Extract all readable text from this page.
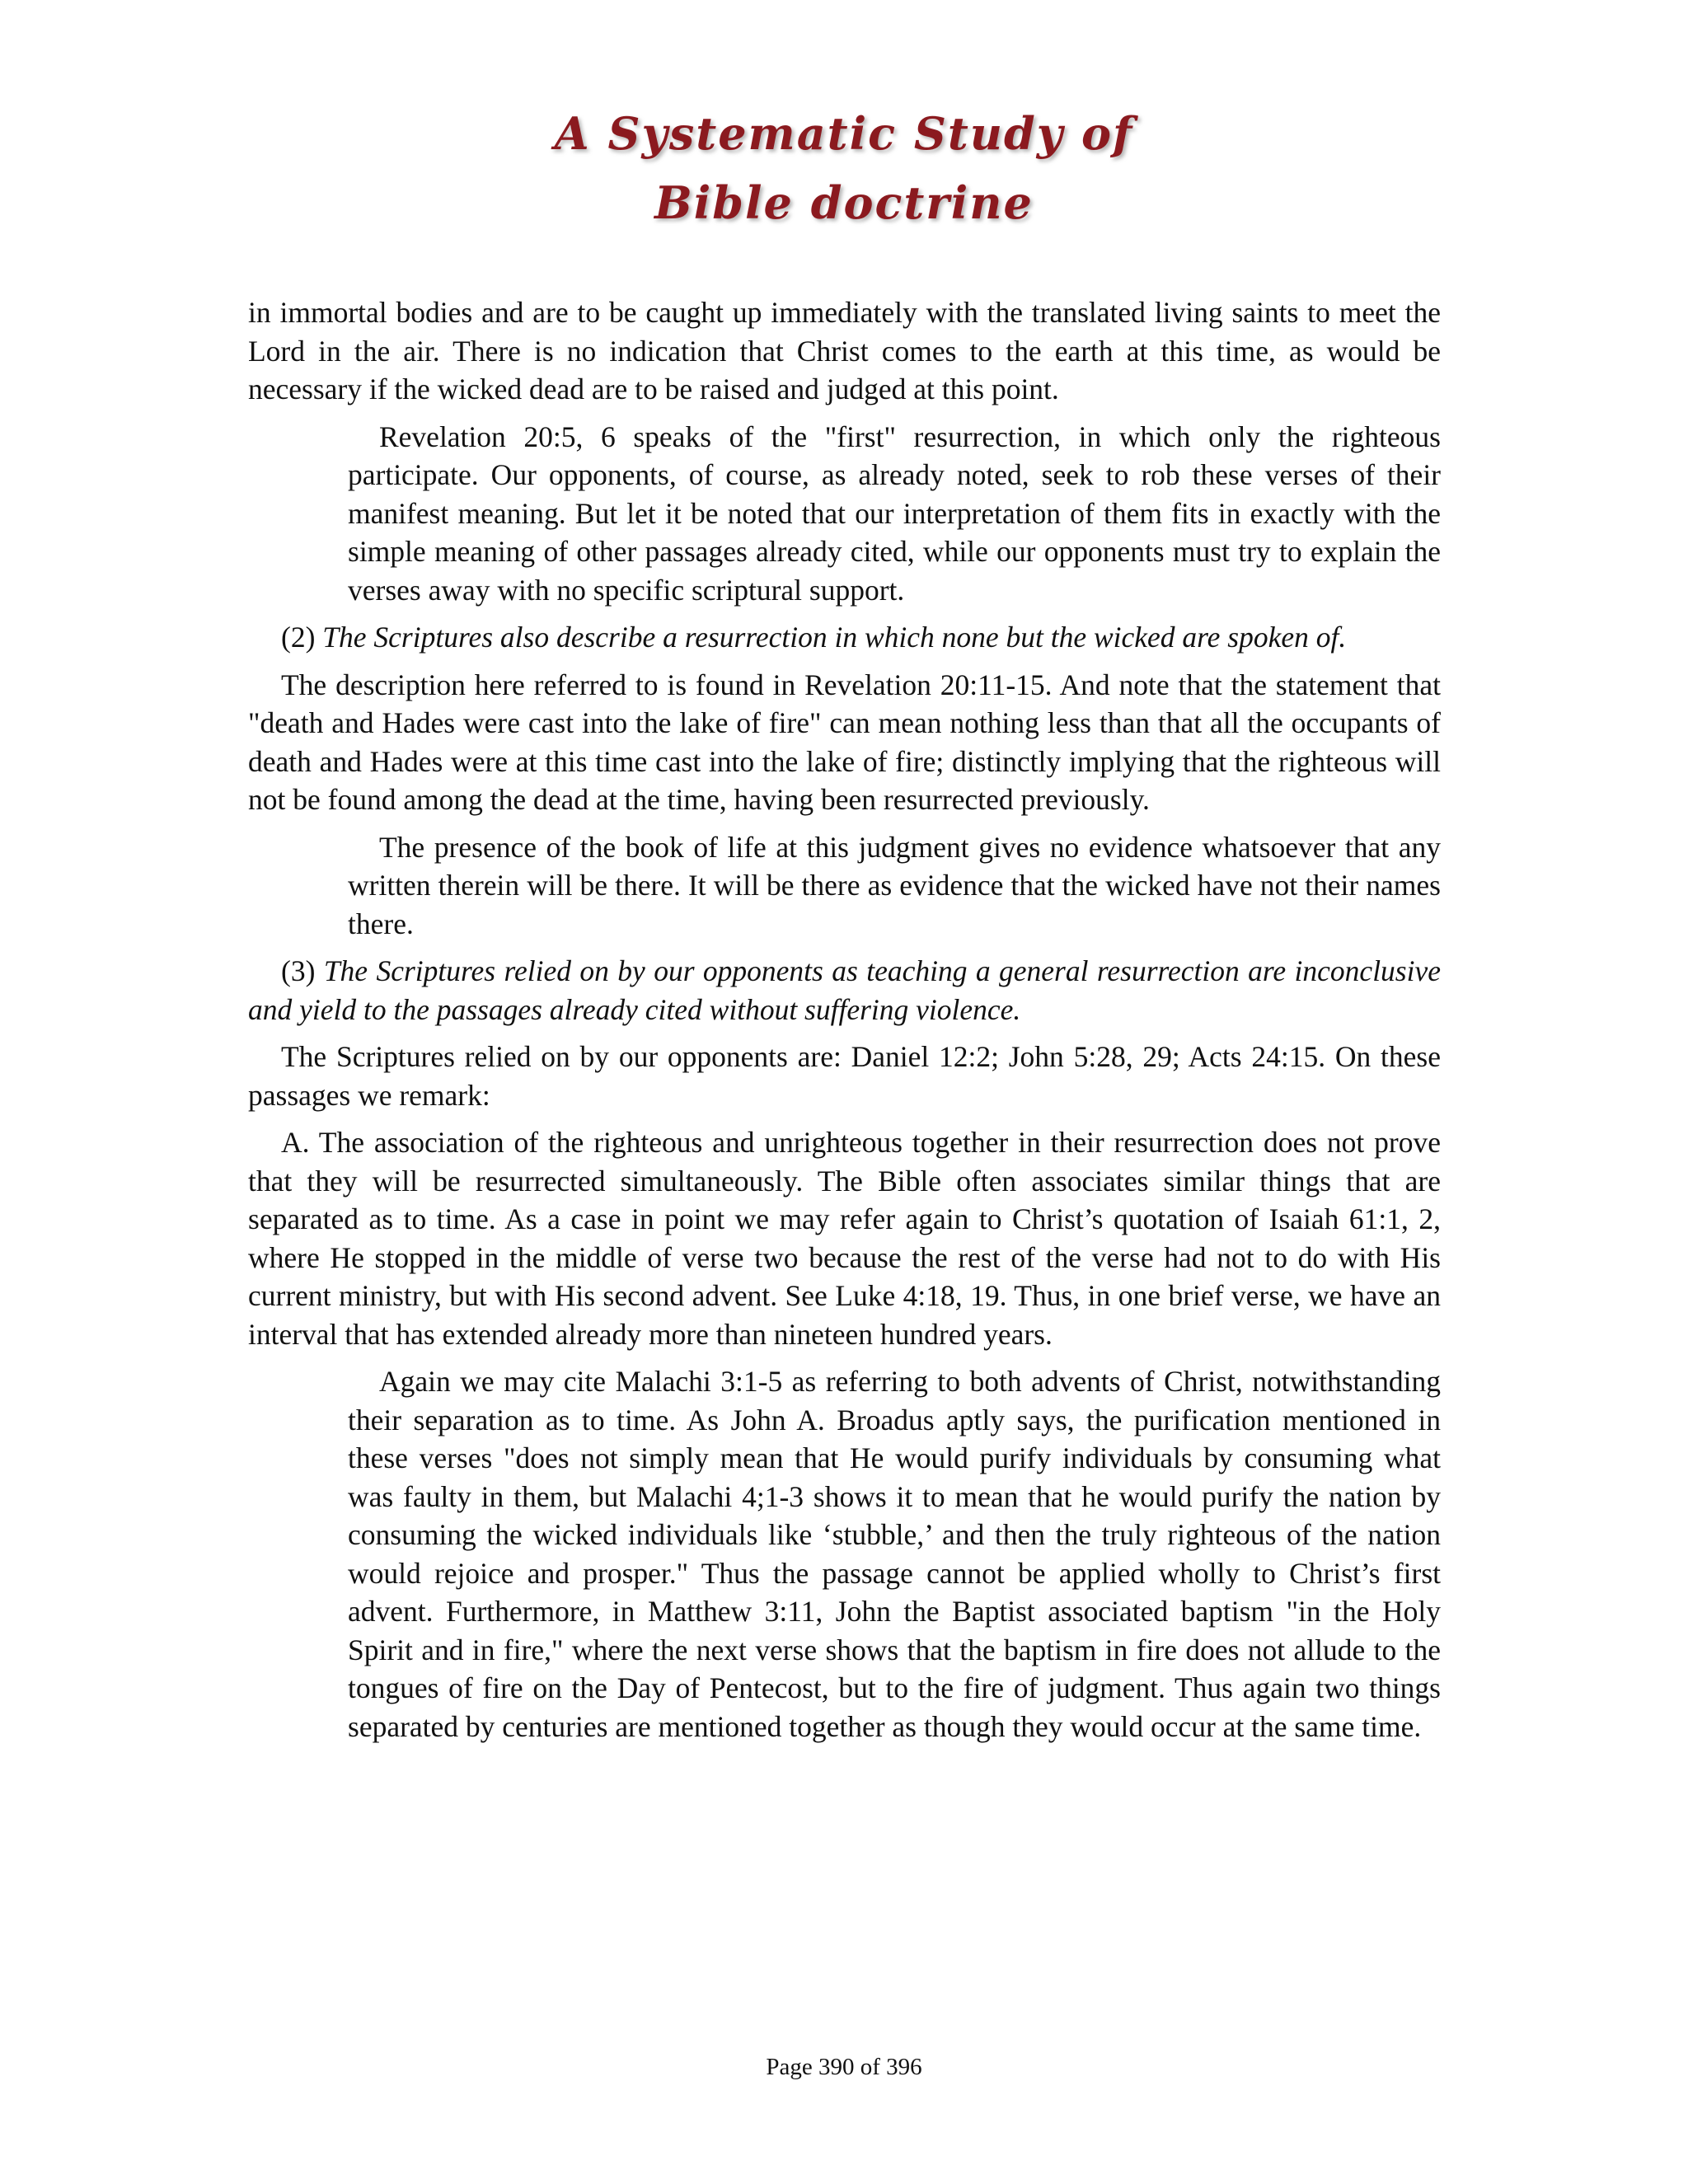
A Systematic Study of
Bible doctrine

in immortal bodies and are to be caught up immediately with the translated living saints to meet the Lord in the air. There is no indication that Christ comes to the earth at this time, as would be necessary if the wicked dead are to be raised and judged at this point.

Revelation 20:5, 6 speaks of the "first" resurrection, in which only the righteous participate. Our opponents, of course, as already noted, seek to rob these verses of their manifest meaning. But let it be noted that our interpretation of them fits in exactly with the simple meaning of other passages already cited, while our opponents must try to explain the verses away with no specific scriptural support.

(2) The Scriptures also describe a resurrection in which none but the wicked are spoken of.

The description here referred to is found in Revelation 20:11-15. And note that the statement that "death and Hades were cast into the lake of fire" can mean nothing less than that all the occupants of death and Hades were at this time cast into the lake of fire; distinctly implying that the righteous will not be found among the dead at the time, having been resurrected previously.

The presence of the book of life at this judgment gives no evidence whatsoever that any written therein will be there. It will be there as evidence that the wicked have not their names there.

(3) The Scriptures relied on by our opponents as teaching a general resurrection are inconclusive and yield to the passages already cited without suffering violence.

The Scriptures relied on by our opponents are: Daniel 12:2; John 5:28, 29; Acts 24:15. On these passages we remark:

A. The association of the righteous and unrighteous together in their resurrection does not prove that they will be resurrected simultaneously. The Bible often associates similar things that are separated as to time. As a case in point we may refer again to Christ’s quotation of Isaiah 61:1, 2, where He stopped in the middle of verse two because the rest of the verse had not to do with His current ministry, but with His second advent. See Luke 4:18, 19. Thus, in one brief verse, we have an interval that has extended already more than nineteen hundred years.

Again we may cite Malachi 3:1-5 as referring to both advents of Christ, notwithstanding their separation as to time. As John A. Broadus aptly says, the purification mentioned in these verses "does not simply mean that He would purify individuals by consuming what was faulty in them, but Malachi 4;1-3 shows it to mean that he would purify the nation by consuming the wicked individuals like ‘stubble,’ and then the truly righteous of the nation would rejoice and prosper." Thus the passage cannot be applied wholly to Christ’s first advent. Furthermore, in Matthew 3:11, John the Baptist associated baptism "in the Holy Spirit and in fire," where the next verse shows that the baptism in fire does not allude to the tongues of fire on the Day of Pentecost, but to the fire of judgment. Thus again two things separated by centuries are mentioned together as though they would occur at the same time.

Page 390 of 396
